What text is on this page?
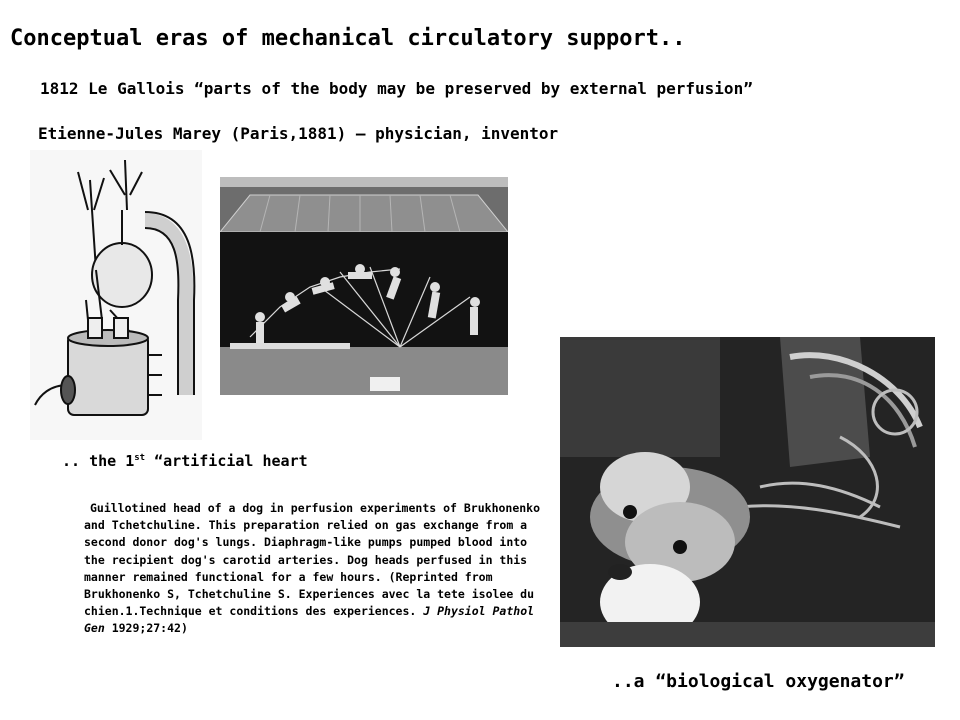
Conceptual eras of mechanical circulatory support..
1812 Le Gallois “parts of the body may be preserved by external perfusion”
Etienne-Jules Marey (Paris,1881) – physician, inventor
.. the 1st “artificial heart
Guillotined head of a dog in perfusion experiments of Brukhonenko and Tchetchuline. This preparation relied on gas exchange from a second donor dog's lungs. Diaphragm-like pumps pumped blood into the recipient dog's carotid arteries. Dog heads perfused in this manner remained functional for a few hours. (Reprinted from Brukhonenko S, Tchetchuline S. Experiences avec la tete isolee du chien.1.Technique et conditions des experiences. J Physiol Pathol Gen 1929;27:42)
..a “biological oxygenator”
